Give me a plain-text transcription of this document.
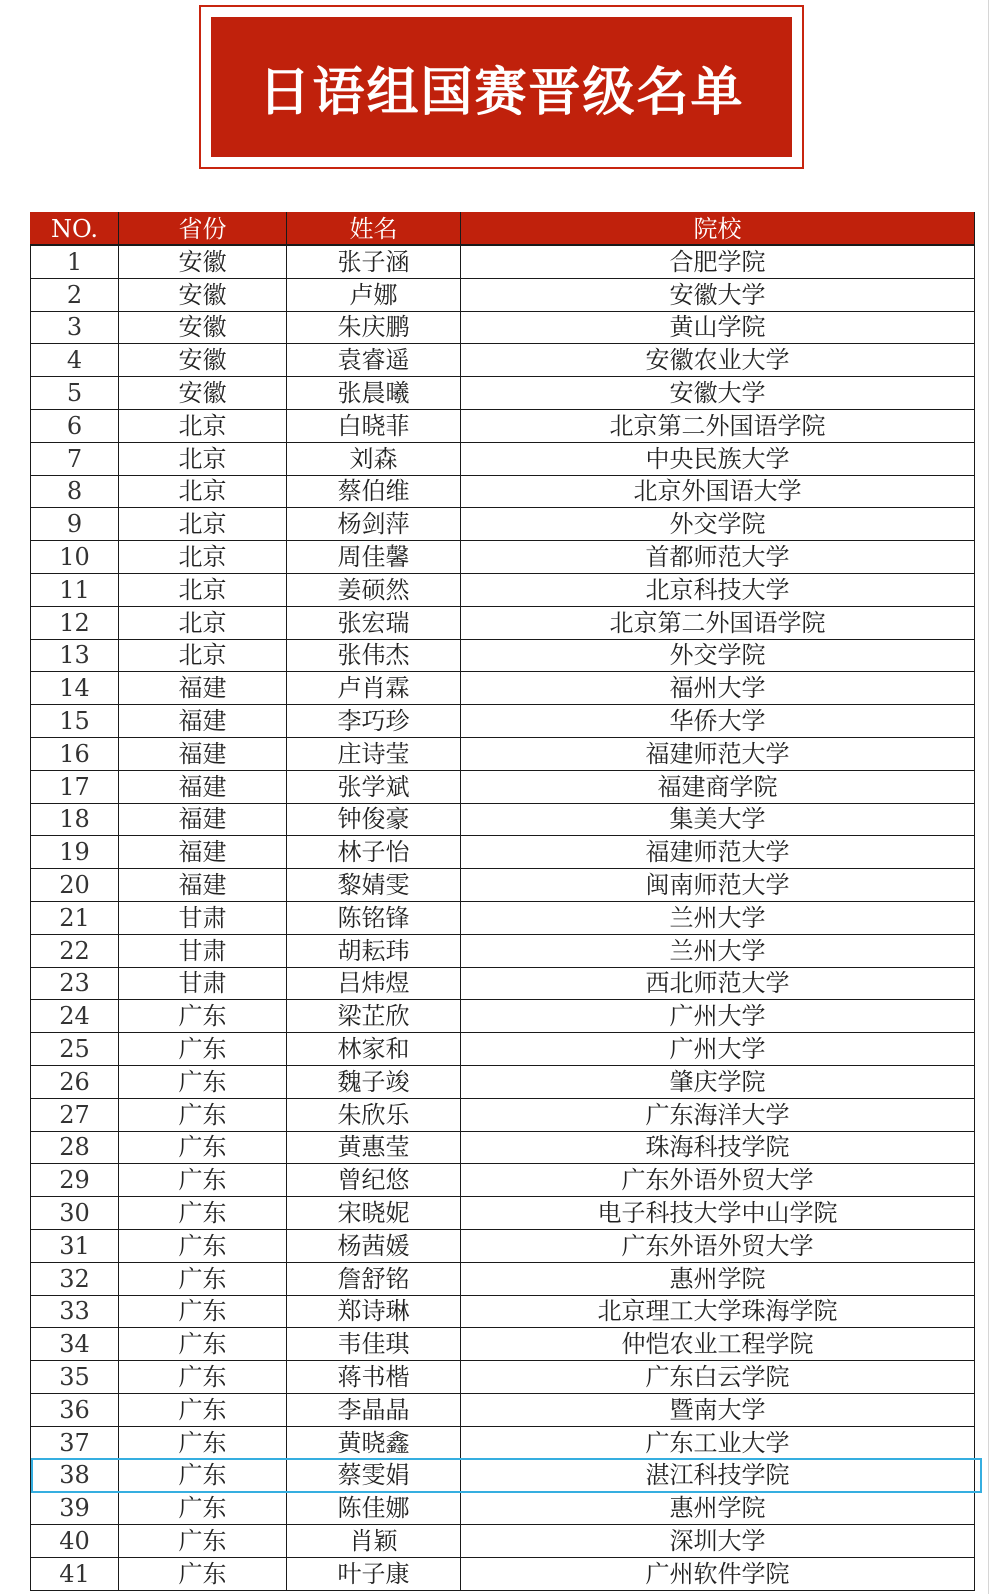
日语组国赛晋级名单
NO.	省份	姓名	院校
1	安徽	张子涵	合肥学院
2	安徽	卢娜	安徽大学
3	安徽	朱庆鹏	黄山学院
4	安徽	袁睿遥	安徽农业大学
5	安徽	张晨曦	安徽大学
6	北京	白晓菲	北京第二外国语学院
7	北京	刘森	中央民族大学
8	北京	蔡伯维	北京外国语大学
9	北京	杨剑萍	外交学院
10	北京	周佳馨	首都师范大学
11	北京	姜硕然	北京科技大学
12	北京	张宏瑞	北京第二外国语学院
13	北京	张伟杰	外交学院
14	福建	卢肖霖	福州大学
15	福建	李巧珍	华侨大学
16	福建	庄诗莹	福建师范大学
17	福建	张学斌	福建商学院
18	福建	钟俊豪	集美大学
19	福建	林子怡	福建师范大学
20	福建	黎婧雯	闽南师范大学
21	甘肃	陈铭锋	兰州大学
22	甘肃	胡耘玮	兰州大学
23	甘肃	吕炜煜	西北师范大学
24	广东	梁芷欣	广州大学
25	广东	林家和	广州大学
26	广东	魏子竣	肇庆学院
27	广东	朱欣乐	广东海洋大学
28	广东	黄惠莹	珠海科技学院
29	广东	曾纪悠	广东外语外贸大学
30	广东	宋晓妮	电子科技大学中山学院
31	广东	杨茜媛	广东外语外贸大学
32	广东	詹舒铭	惠州学院
33	广东	郑诗琳	北京理工大学珠海学院
34	广东	韦佳琪	仲恺农业工程学院
35	广东	蒋书楷	广东白云学院
36	广东	李晶晶	暨南大学
37	广东	黄晓鑫	广东工业大学
38	广东	蔡雯娟	湛江科技学院
39	广东	陈佳娜	惠州学院
40	广东	肖颖	深圳大学
41	广东	叶子康	广州软件学院
